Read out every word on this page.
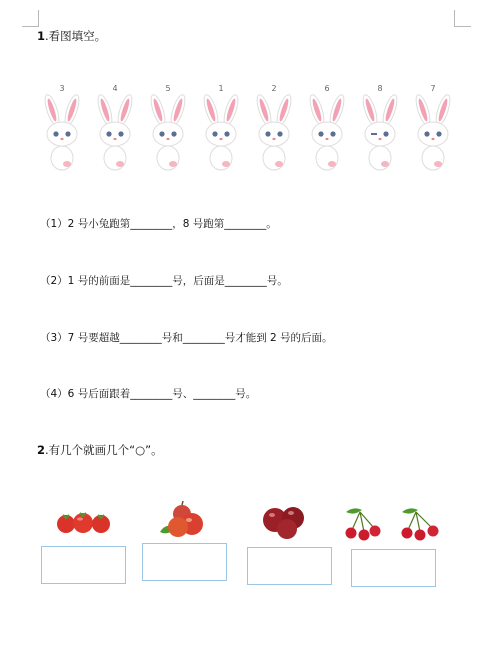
1.看图填空。
3	4	5	1	2	6	8	7
（1）2 号小兔跑第________，8 号跑第________。
（2）1 号的前面是________号，后面是________号。
（3）7 号要超越________号和________号才能到 2 号的后面。
（4）6 号后面跟着________号、________号。
2.有几个就画几个“○”。
